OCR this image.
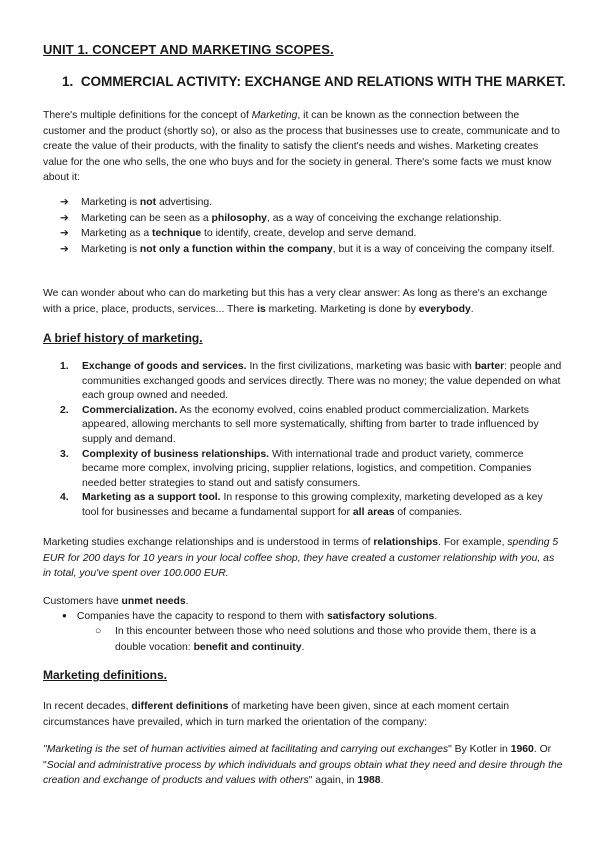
UNIT 1. CONCEPT AND MARKETING SCOPES.
1. COMMERCIAL ACTIVITY: EXCHANGE AND RELATIONS WITH THE MARKET.
There's multiple definitions for the concept of Marketing, it can be known as the connection between the customer and the product (shortly so), or also as the process that businesses use to create, communicate and to create the value of their products, with the finality to satisfy the client's needs and wishes. Marketing creates value for the one who sells, the one who buys and for the society in general. There's some facts we must know about it:
➔ Marketing is not advertising.
➔ Marketing can be seen as a philosophy, as a way of conceiving the exchange relationship.
➔ Marketing as a technique to identify, create, develop and serve demand.
➔ Marketing is not only a function within the company, but it is a way of conceiving the company itself.
We can wonder about who can do marketing but this has a very clear answer: As long as there's an exchange with a price, place, products, services... There is marketing. Marketing is done by everybody.
A brief history of marketing.
1. Exchange of goods and services. In the first civilizations, marketing was basic with barter: people and communities exchanged goods and services directly. There was no money; the value depended on what each group owned and needed.
2. Commercialization. As the economy evolved, coins enabled product commercialization. Markets appeared, allowing merchants to sell more systematically, shifting from barter to trade influenced by supply and demand.
3. Complexity of business relationships. With international trade and product variety, commerce became more complex, involving pricing, supplier relations, logistics, and competition. Companies needed better strategies to stand out and satisfy consumers.
4. Marketing as a support tool. In response to this growing complexity, marketing developed as a key tool for businesses and became a fundamental support for all areas of companies.
Marketing studies exchange relationships and is understood in terms of relationships. For example, spending 5 EUR for 200 days for 10 years in your local coffee shop, they have created a customer relationship with you, as in total, you've spent over 100.000 EUR.
Customers have unmet needs.
● Companies have the capacity to respond to them with satisfactory solutions.
○	In this encounter between those who need solutions and those who provide them, there is a double vocation: benefit and continuity.
Marketing definitions.
In recent decades, different definitions of marketing have been given, since at each moment certain circumstances have prevailed, which in turn marked the orientation of the company:
"Marketing is the set of human activities aimed at facilitating and carrying out exchanges" By Kotler in 1960. Or "Social and administrative process by which individuals and groups obtain what they need and desire through the creation and exchange of products and values with others" again, in 1988.
